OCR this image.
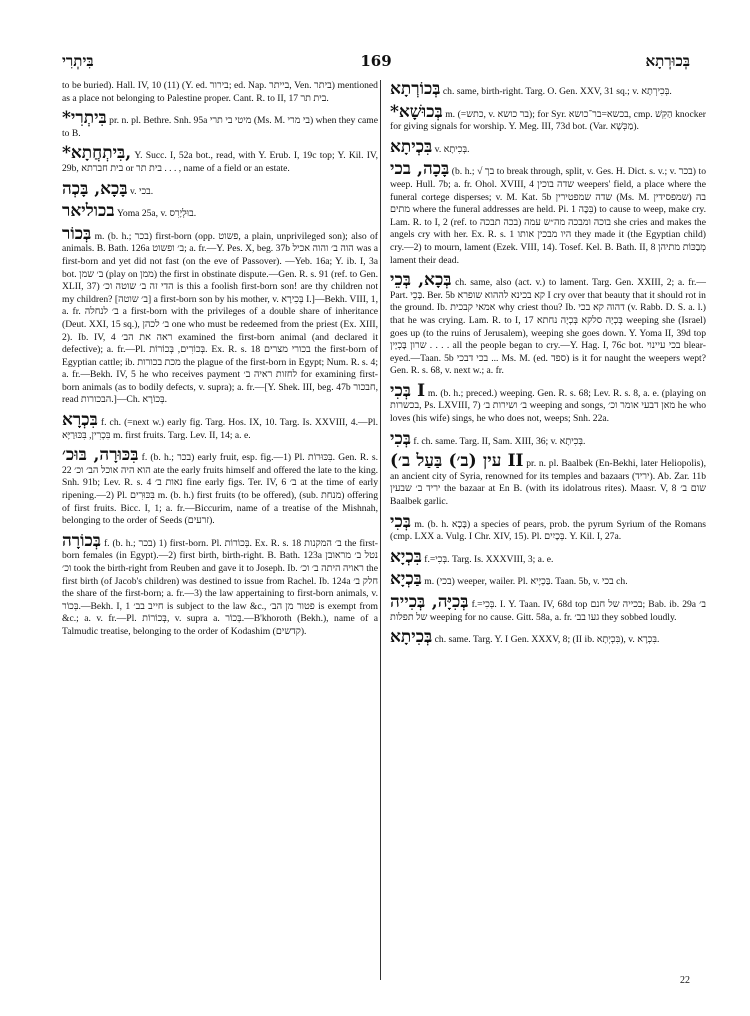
בִּיתְרִי	169	בְּכוּרְתָא

to be buried). Hall. IV, 10 (11) (Y. ed. בירור; ed. Nap. בייתר, Ven. ביתר) mentioned as a place not belonging to Palestine proper. Cant. R. to II, 17 בית תר.

*בִּיתְרִי pr. n. pl. Bethre. Snh. 95a מיטי בי תרי (Ms. M. בי מרי) when they came to B.

*בִּיתְחֲתָא, Y. Succ. I, 52a bot., read, with Y. Erub. I, 19c top; Y. Kil. IV, 29b, בית חברתא or בית תר . . . , name of a field or an estate.

בָּכָא, בָּכְה v. בכי.

בכוליאר Yoma 25a, v. בוּלְיָרִס.

בְּכוֹר m. (b. h.; בכר) first-born (opp. פשוט, a plain, unprivileged son); also of animals. B. Bath. 126a ב׳ ופשוט; a. fr.—Y. Pes. X, beg. 37b הוה ב׳ והוה אכיל was a first-born and yet did not fast (on the eve of Passover). —Yeb. 16a; Y. ib. I, 3a bot. ב׳ שמן (play on ממן) the first in obstinate dispute.—Gen. R. s. 91 (ref. to Gen. XLII, 37) הדי זה ב׳ שוטה וכ׳ is this a foolish first-born son! are thy children not my children? [ב׳ שוטה] a first-born son by his mother, v. בְּכִירָא I.]—Bekh. VIII, 1, a. fr. ב׳ לנחלה a first-born with the privileges of a double share of inheritance (Deut. XXI, 15 sq.), ב׳ לכהן one who must be redeemed from the priest (Ex. XIII, 2). Ib. IV, 4 ראה את הב׳ examined the first-born animal (and declared it defective); a. fr.—Pl. בְּכוֹרִים, בְּכוֹרוֹת. Ex. R. s. 18 בכורי מצרים the first-born of Egyptian cattle; ib. מכת בכורות the plague of the first-born in Egypt; Num. R. s. 4; a. fr.—Bekh. IV, 5 he who receives payment לחזות ראיה ב׳ for examining first-born animals (as to bodily defects, v. supra); a. fr.—[Y. Shek. III, beg. 47b חבכור, read הבכורות.]—Ch. בְּכוֹרָא.

בִּכְרָא f. ch. (=next w.) early fig. Targ. Hos. IX, 10. Targ. Is. XXVIII, 4.—Pl. בִּכְרִין, בִּכּוּרַיָּא m. first fruits. Targ. Lev. II, 14; a. e.

בִּכּוּרָה, בּוּכ׳ f. (b. h.; בכר) early fruit, esp. fig.—1) Pl. בִּכּוּרוֹת. Gen. R. s. 22 הוא היה אוכל הב׳ וכ׳ ate the early fruits himself and offered the late to the king. Snh. 91b; Lev. R. s. 4 נאות ב׳ fine early figs. Ter. IV, 6 ב׳ at the time of early ripening.—2) Pl. בִּכּוּרִים m. (b. h.) first fruits (to be offered), (sub. מנחת) offering of first fruits. Bicc. I, 1; a. fr.—Biccurim, name of a treatise of the Mishnah, belonging to the order of Seeds (זרעים).

בְּכוֹרָה f. (b. h.; בכר) 1) first-born. Pl. בְּכוֹרוֹת. Ex. R. s. 18 ב׳ המקנות the first-born females (in Egypt).—2) first birth, birth-right. B. Bath. 123a נטל ב׳ מראובן וכ׳ took the birth-right from Reuben and gave it to Joseph. Ib. ראויה היתה ב׳ וכ׳ the first birth (of Jacob's children) was destined to issue from Rachel. Ib. 124a חלק ב׳ the share of the first-born; a. fr.—3) the law appertaining to first-born animals, v. בְּכוֹר.—Bekh. I, 1 חייב בב׳ is subject to the law &c., פטור מן הב׳ is exempt from &c.; a. v. fr.—Pl. בְּכוֹרוֹת, v. supra a. בְּכוֹר.—B'khoroth (Bekh.), name of a Talmudic treatise, belonging to the order of Kodashim (קדשים).

בְּכוֹרְתָא ch. same, birth-right. Targ. O. Gen. XXV, 31 sq.; v. בְּכִירְתָא.

*בְּכוּשָׁא m. (=כתש, v. בר כושא); for Syr. בכשא=בר־כושא, cmp. הַקִּשׁ knocker for giving signals for worship. Y. Meg. III, 73d bot. (Var. מַכְּשָׁא).

בִּכְיתָא v. בְּכִיתָא.

בָּכָה, בכי (b. h.; √ בך to break through, split, v. Ges. H. Dict. s. v.; v. בכר) to weep. Hull. 7b; a. fr. Ohol. XVIII, 4 שדה בוכין weepers' field, a place where the funeral cortege disperses; v. M. Kat. 5b שדה שמפטירין (Ms. M. שמפסידין) בה מתים where the funeral addresses are held. Pi. בִּכָּה 1) to cause to weep, make cry. Lam. R. to I, 2 (ref. to בכה תבכה) בוכה ומבכה מה״ש עמה she cries and makes the angels cry with her. Ex. R. s. 1 היו מבכין אותו they made it (the Egyptian child) cry.—2) to mourn, lament (Ezek. VIII, 14). Tosef. Kel. B. Bath. II, 8 מְבַכּוֹת מתיהן lament their dead.

בְּכָא, בְּכֵי ch. same, also (act. v.) to lament. Targ. Gen. XXIII, 2; a. fr.—Part. בָּכֵי. Ber. 5b קא בכינא לההוא שופרא I cry over that beauty that it should rot in the ground. Ib. אמאי קבכית why criest thou? Ib. דהוה קא בכי (v. Rabb. D. S. a. l.) that he was crying. Lam. R. to I, 17 בְּכְיָה סלקא בְּכְיָה נחתא weeping she (Israel) goes up (to the ruins of Jerusalem), weeping she goes down. Y. Yoma II, 39d top שרון בָּכְיָין . . . . all the people began to cry.—Y. Hag. I, 76c bot. בכי עיינוי blear-eyed.—Taan. 5b בכי דבכי ... Ms. M. (ed. ספד) is it for naught the weepers wept? Gen. R. s. 68, v. next w.; a. fr.

בְּכִי I m. (b. h.; preced.) weeping. Gen. R. s. 68; Lev. R. s. 8, a. e. (playing on בכשרות, Ps. LXVIII, 7) ב׳ ושירות ב׳ weeping and songs, מאן דבעי אומר וכ׳ he who loves (his wife) sings, he who does not, weeps; Snh. 22a.

בְּכִי f. ch. same. Targ. II, Sam. XIII, 36; v. בְּכִיתָא.

(עין (ב׳) בַּעַל ב׳ II pr. n. pl. Baalbek (En-Bekhi, later Heliopolis), an ancient city of Syria, renowned for its temples and bazaars (יריד). Ab. Zar. 11b יריד ב׳ שבעין the bazaar at En B. (with its idolatrous rites). Maasr. V, 8 שום ב׳ Baalbek garlic.

בְּכִי m. (b. h. בָּכָא) a species of pears, prob. the pyrum Syrium of the Romans (cmp. LXX a. Vulg. I Chr. XIV, 15). Pl. בְּכָיִים. Y. Kil. I, 27a.

בִּכְיָא f.=בְּכִי. Targ. Is. XXXVIII, 3; a. e.

בַּכְיָא m. (בכי) weeper, wailer. Pl. בַּכְיָיא. Taan. 5b, v. בכי ch.

בְּכִיָּה, בְּכִייה f.=בְּכִי. I. Y. Taan. IV, 68d top בכייה של חנם; Bab. ib. 29a ב׳ של תפלות weeping for no cause. Gitt. 58a, a. fr. געו בב׳ they sobbed loudly.

בְּכִיתָא ch. same. Targ. Y. I Gen. XXXV, 8; (II ib. בִּכְיְתָא), v. בִּכְרָא.

22
